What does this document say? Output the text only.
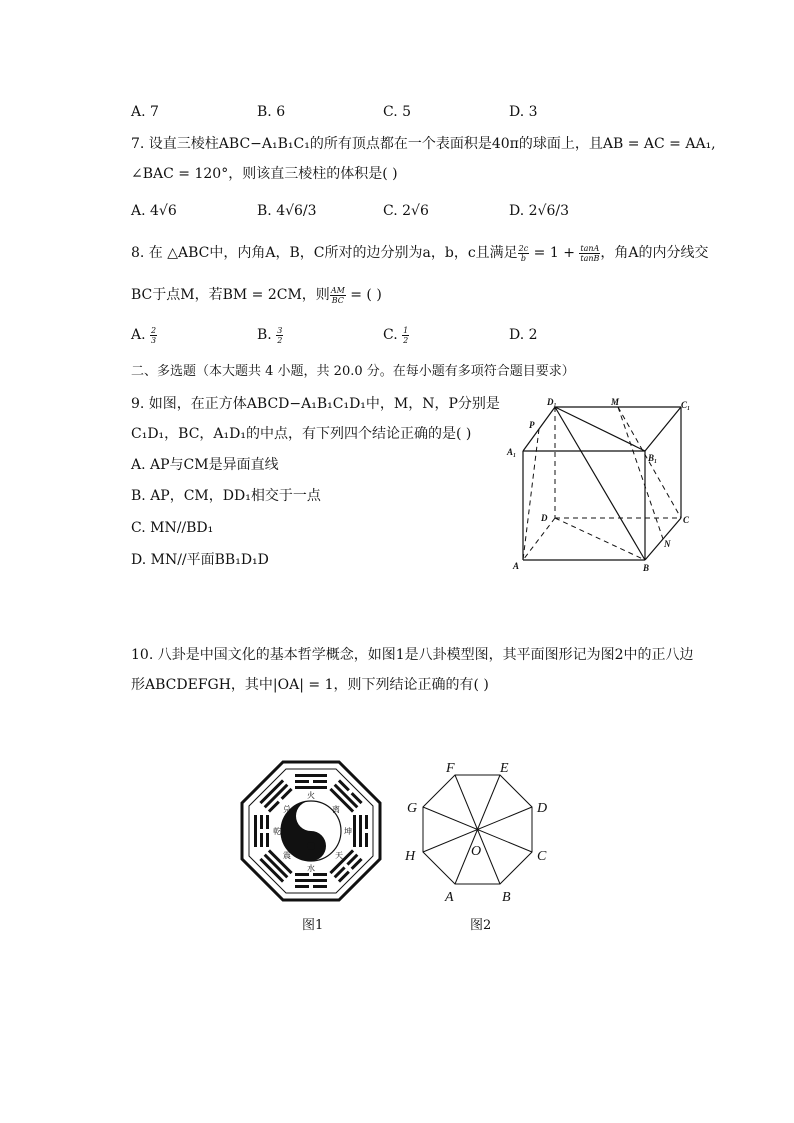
A. 7	B. 6	C. 5	D. 3
7. 设直三棱柱ABC−A₁B₁C₁的所有顶点都在一个表面积是40π的球面上，且AB = AC = AA₁,
∠BAC = 120°，则该直三棱柱的体积是( )
A. 4√6	B. 4√6/3	C. 2√6	D. 2√6/3
8. 在 △ABC中，内角A，B，C所对的边分别为a，b，c且满足 $\frac{2c}{b} = 1 + \frac{\tan A}{\tan B}$ ，角A的内分线交
BC于点M，若BM = 2CM，则 $\frac{AM}{BC}$ = ( )
A. $\frac{2}{3}$	B. $\frac{3}{2}$	C. $\frac{1}{2}$	D. 2
二、多选题（本大题共 4 小题，共 20.0 分。在每小题有多项符合题目要求）
9. 如图，在正方体ABCD−A₁B₁C₁D₁中，M，N，P分别是
C₁D₁，BC，A₁D₁的中点，有下列四个结论正确的是( )
A. AP与CM是异面直线
B. AP，CM，DD₁相交于一点
C. MN//BD₁
D. MN//平面BB₁D₁D
D₁	M	C₁
P
A₁
B₁
D	C
N
A	B
10. 八卦是中国文化的基本哲学概念，如图1是八卦模型图，其平面图形记为图2中的正八边
形ABCDEFGH，其中|OA| = 1，则下列结论正确的有( )
火
兑	离
乾
天
坤
水
震
图1
F	E
G	D
H	C
O
A	B
图2
